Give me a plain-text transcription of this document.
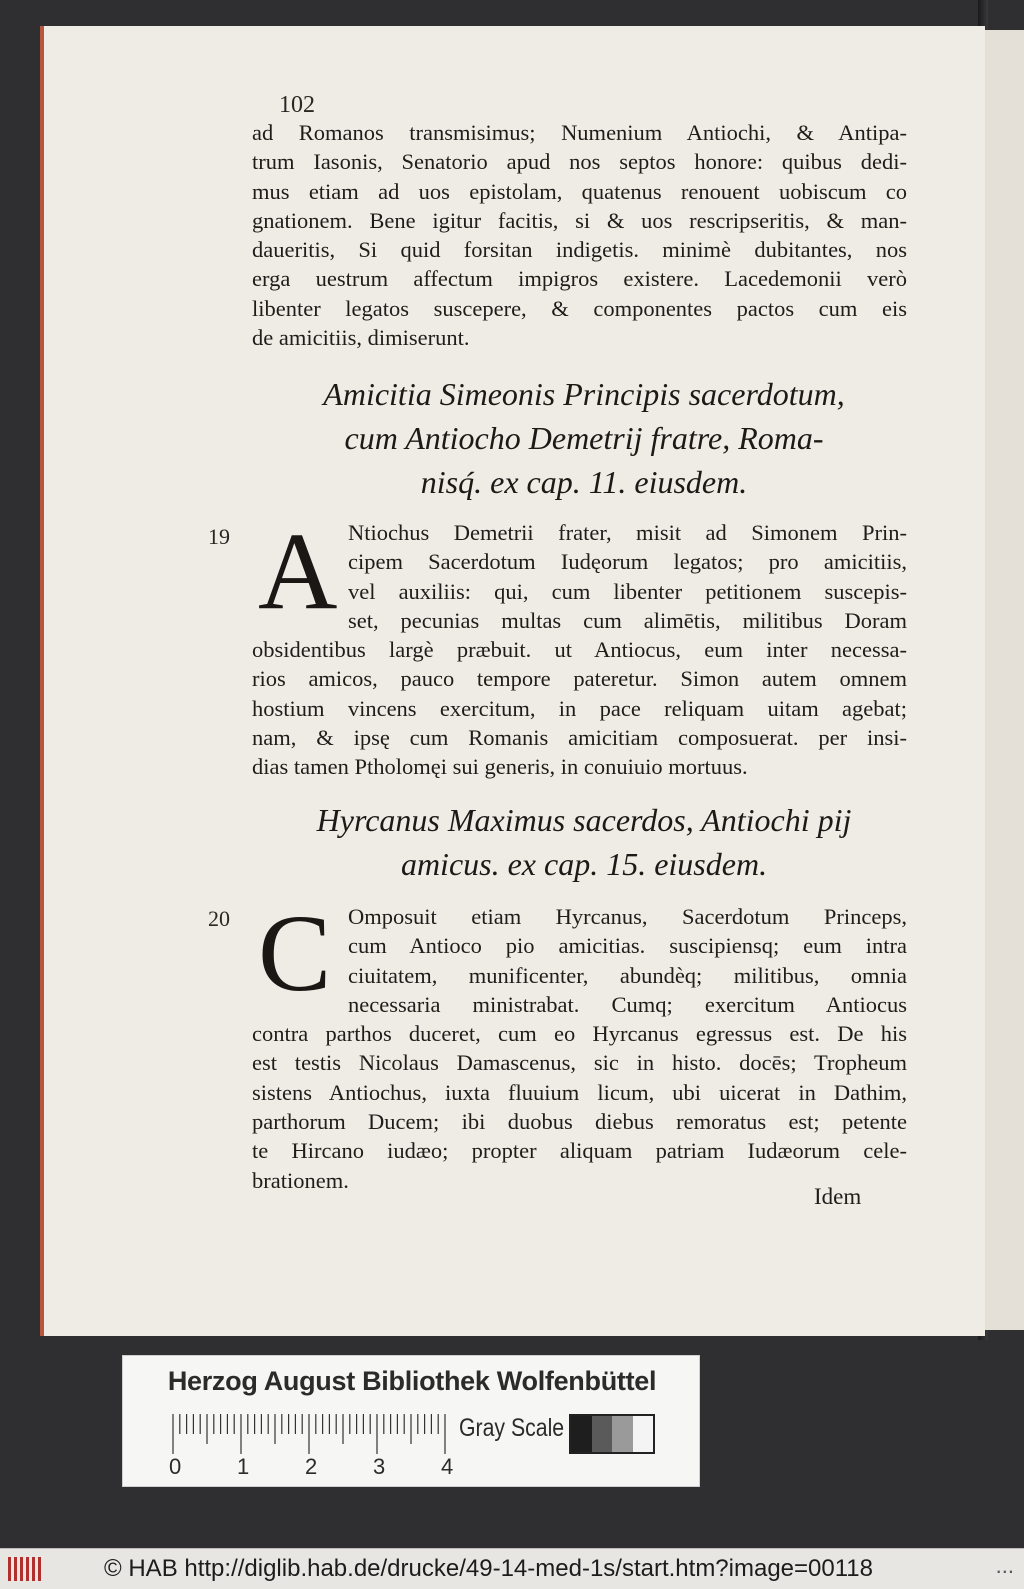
102
ad Romanos transmisimus; Numenium Antiochi, & Antipa-
trum Iasonis, Senatorio apud nos septos honore: quibus dedi-
mus etiam ad uos epistolam, quatenus renouent uobiscum co
gnationem. Bene igitur facitis, si & uos rescripseritis, & man-
daueritis, Si quid forsitan indigetis. minimè dubitantes, nos
erga uestrum affectum impigros existere. Lacedemonii verò
libenter legatos suscepere, & componentes pactos cum eis
de amicitiis, dimiserunt.
Amicitia Simeonis Principis sacerdotum,
cum Antiocho Demetrij fratre, Roma-
nisq́. ex cap. 11. eiusdem.
19 A Ntiochus Demetrii frater, misit ad Simonem Prin-
cipem Sacerdotum Iudęorum legatos; pro amicitiis,
vel auxiliis: qui, cum libenter petitionem suscepis-
set, pecunias multas cum alimētis, militibus Doram
obsidentibus largè præbuit. ut Antiocus, eum inter necessa-
rios amicos, pauco tempore pateretur. Simon autem omnem
hostium vincens exercitum, in pace reliquam uitam agebat;
nam, & ipsę cum Romanis amicitiam composuerat. per insi-
dias tamen Ptholomęi sui generis, in conuiuio mortuus.
Hyrcanus Maximus sacerdos, Antiochi pij
amicus. ex cap. 15. eiusdem.
20 C Omposuit etiam Hyrcanus, Sacerdotum Princeps,
cum Antioco pio amicitias. suscipiensq; eum intra
ciuitatem, munificenter, abundèq; militibus, omnia
necessaria ministrabat. Cumq; exercitum Antiocus
contra parthos duceret, cum eo Hyrcanus egressus est. De his
est testis Nicolaus Damascenus, sic in histo. docēs; Tropheum
sistens Antiochus, iuxta fluuium licum, ubi uicerat in Dathim,
parthorum Ducem; ibi duobus diebus remoratus est; petente
te Hircano iudæo; propter aliquam patriam Iudæorum cele-
brationem.
Idem
Herzog August Bibliothek Wolfenbüttel
0	1	2	3	4
Gray Scale
© HAB http://diglib.hab.de/drucke/49-14-med-1s/start.htm?image=00118	...
